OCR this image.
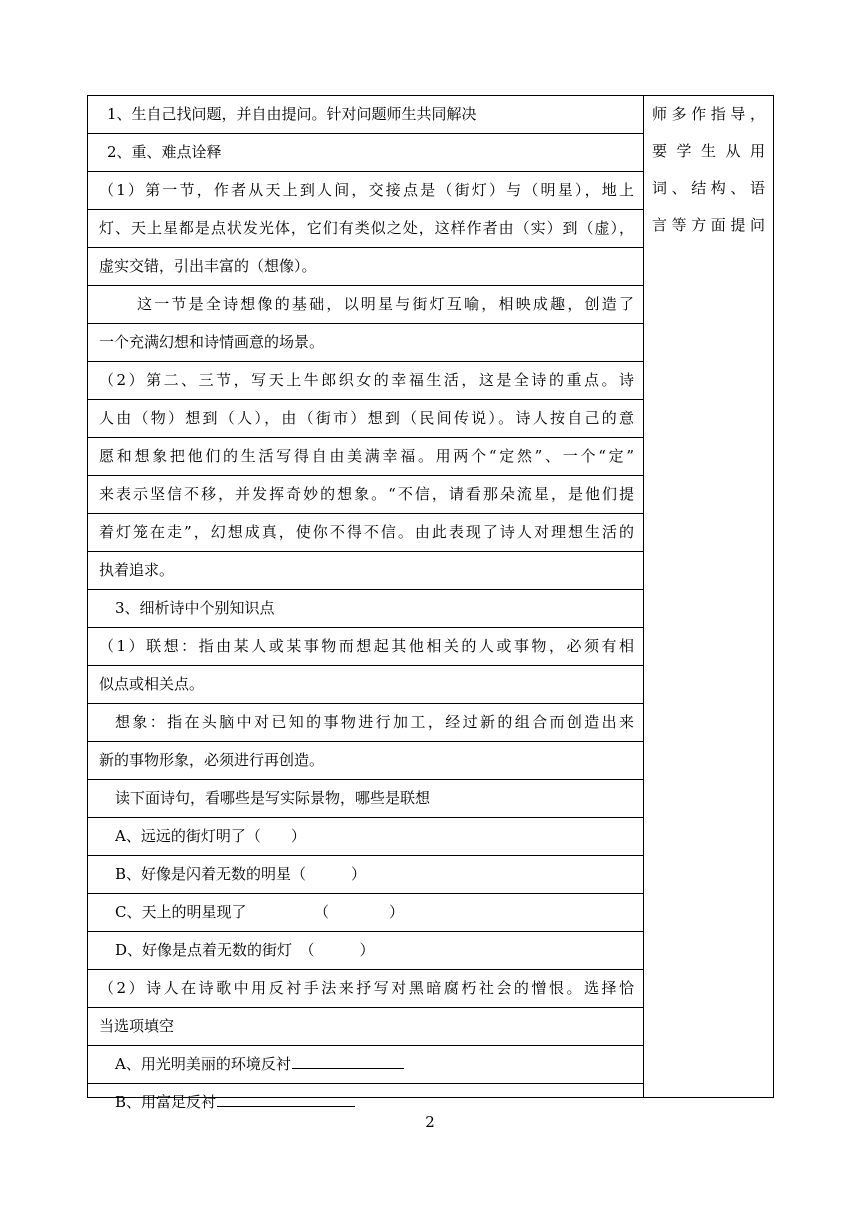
1、生自己找问题，并自由提问。针对问题师生共同解决
2、重、难点诠释
（1）第一节，作者从天上到人间，交接点是（街灯）与（明星），地上
灯、天上星都是点状发光体，它们有类似之处，这样作者由（实）到（虚），
虚实交错，引出丰富的（想像）。
这一节是全诗想像的基础，以明星与街灯互喻，相映成趣，创造了
一个充满幻想和诗情画意的场景。
（2）第二、三节，写天上牛郎织女的幸福生活，这是全诗的重点。诗
人由（物）想到（人），由（街市）想到（民间传说）。诗人按自己的意
愿和想象把他们的生活写得自由美满幸福。用两个“定然”、一个“定”
来表示坚信不移，并发挥奇妙的想象。“不信，请看那朵流星，是他们提
着灯笼在走”，幻想成真，使你不得不信。由此表现了诗人对理想生活的
执着追求。
3、细析诗中个别知识点
（1）联想：指由某人或某事物而想起其他相关的人或事物，必须有相
似点或相关点。
想象：指在头脑中对已知的事物进行加工，经过新的组合而创造出来
新的事物形象，必须进行再创造。
读下面诗句，看哪些是写实际景物，哪些是联想
A、远远的街灯明了（　　）
B、好像是闪着无数的明星（　　　）
C、天上的明星现了　　　　　（　　　　）
D、好像是点着无数的街灯　（　　　）
（2）诗人在诗歌中用反衬手法来抒写对黑暗腐朽社会的憎恨。选择恰
当选项填空
A、用光明美丽的环境反衬
B、用富足反衬
师多作指导，
要学生从用
词、结构、语
言等方面提问
2
